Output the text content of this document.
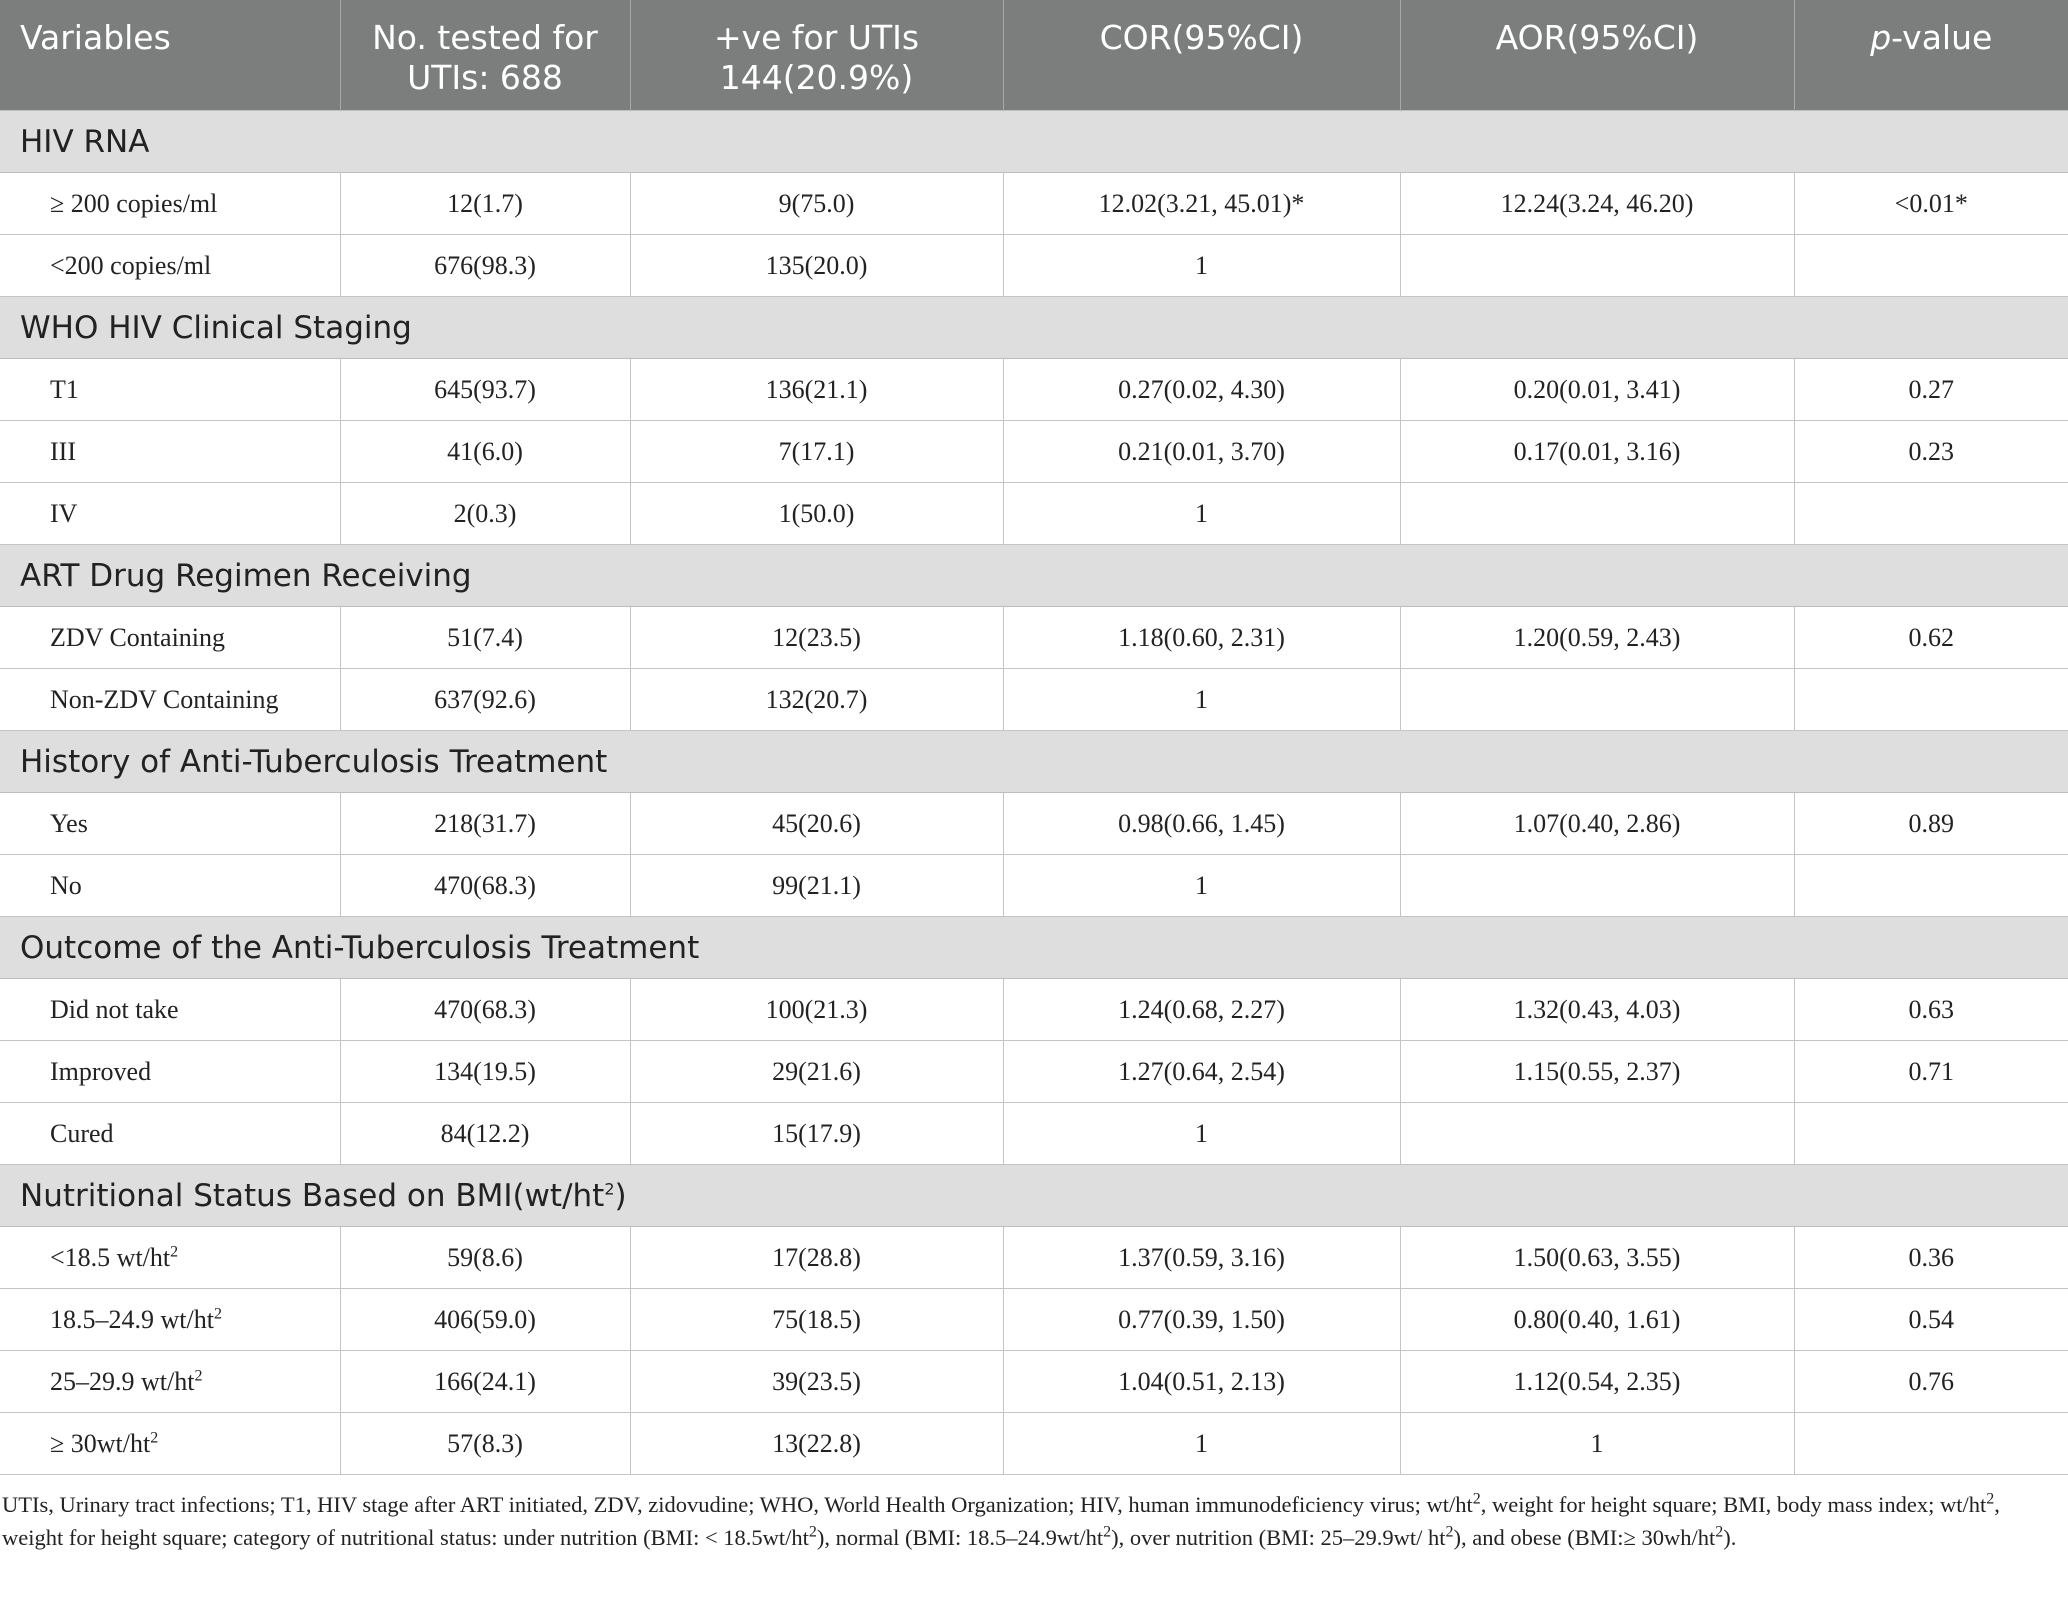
Variables	No. tested for UTIs: 688	+ve for UTIs 144(20.9%)	COR(95%CI)	AOR(95%CI)	p-value
HIV RNA					
≥ 200 copies/ml	12(1.7)	9(75.0)	12.02(3.21, 45.01)*	12.24(3.24, 46.20)	<0.01*
<200 copies/ml	676(98.3)	135(20.0)	1		
WHO HIV Clinical Staging					
T1	645(93.7)	136(21.1)	0.27(0.02, 4.30)	0.20(0.01, 3.41)	0.27
III	41(6.0)	7(17.1)	0.21(0.01, 3.70)	0.17(0.01, 3.16)	0.23
IV	2(0.3)	1(50.0)	1		
ART Drug Regimen Receiving					
ZDV Containing	51(7.4)	12(23.5)	1.18(0.60, 2.31)	1.20(0.59, 2.43)	0.62
Non-ZDV Containing	637(92.6)	132(20.7)	1		
History of Anti-Tuberculosis Treatment					
Yes	218(31.7)	45(20.6)	0.98(0.66, 1.45)	1.07(0.40, 2.86)	0.89
No	470(68.3)	99(21.1)	1		
Outcome of the Anti-Tuberculosis Treatment					
Did not take	470(68.3)	100(21.3)	1.24(0.68, 2.27)	1.32(0.43, 4.03)	0.63
Improved	134(19.5)	29(21.6)	1.27(0.64, 2.54)	1.15(0.55, 2.37)	0.71
Cured	84(12.2)	15(17.9)	1		
Nutritional Status Based on $BMI(wt/ht^2)$					
<18.5 $wt/ht^2$	59(8.6)	17(28.8)	1.37(0.59, 3.16)	1.50(0.63, 3.55)	0.36
18.5–24.9 $wt/ht^2$	406(59.0)	75(18.5)	0.77(0.39, 1.50)	0.80(0.40, 1.61)	0.54
25–29.9 $wt/ht^2$	166(24.1)	39(23.5)	1.04(0.51, 2.13)	1.12(0.54, 2.35)	0.76
≥ $30wt/ht^2$	57(8.3)	13(22.8)	1	1	
UTIs, Urinary tract infections; T1, HIV stage after ART initiated, ZDV, zidovudine; WHO, World Health Organization; HIV, human immunodeficiency virus; $wt/ht^2$, weight for height square; BMI, body mass index; $wt/ht^2$, weight for height square; category of nutritional status: under nutrition (BMI: < $18.5wt/ht^2$), normal (BMI: $18.5-24.9wt/ht^2$), over nutrition (BMI: 25–29.9wt/ $ht^2$), and obese (BMI:≥ $30wh/ht^2$).
